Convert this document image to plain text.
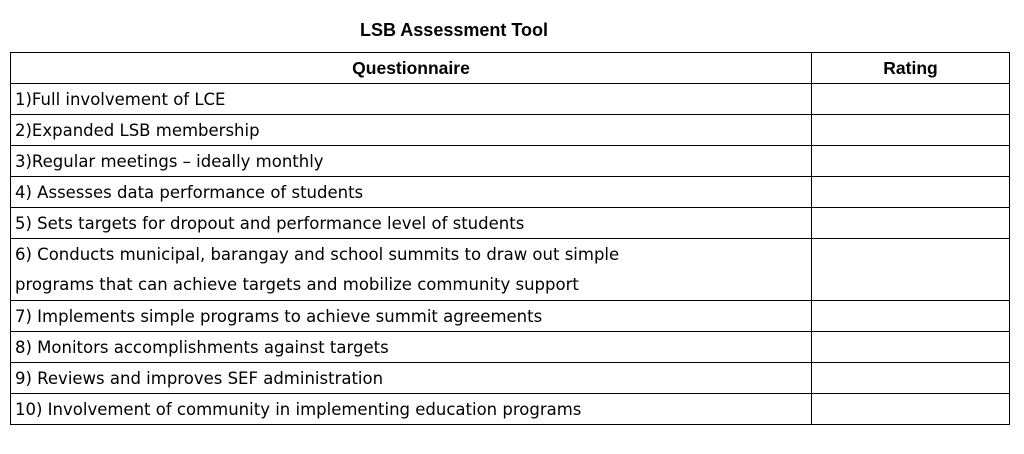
LSB Assessment Tool
Questionnaire	Rating
1)Full involvement of LCE	
2)Expanded LSB membership	
3)Regular meetings – ideally monthly	
4) Assesses data performance of students	
5) Sets targets for dropout and performance level of students	
6) Conducts municipal, barangay and school summits to draw out simple	
programs that can achieve targets and mobilize community support	
7) Implements simple programs to achieve summit agreements	
8) Monitors accomplishments against targets	
9) Reviews and improves SEF administration	
10) Involvement of community in implementing education programs	
